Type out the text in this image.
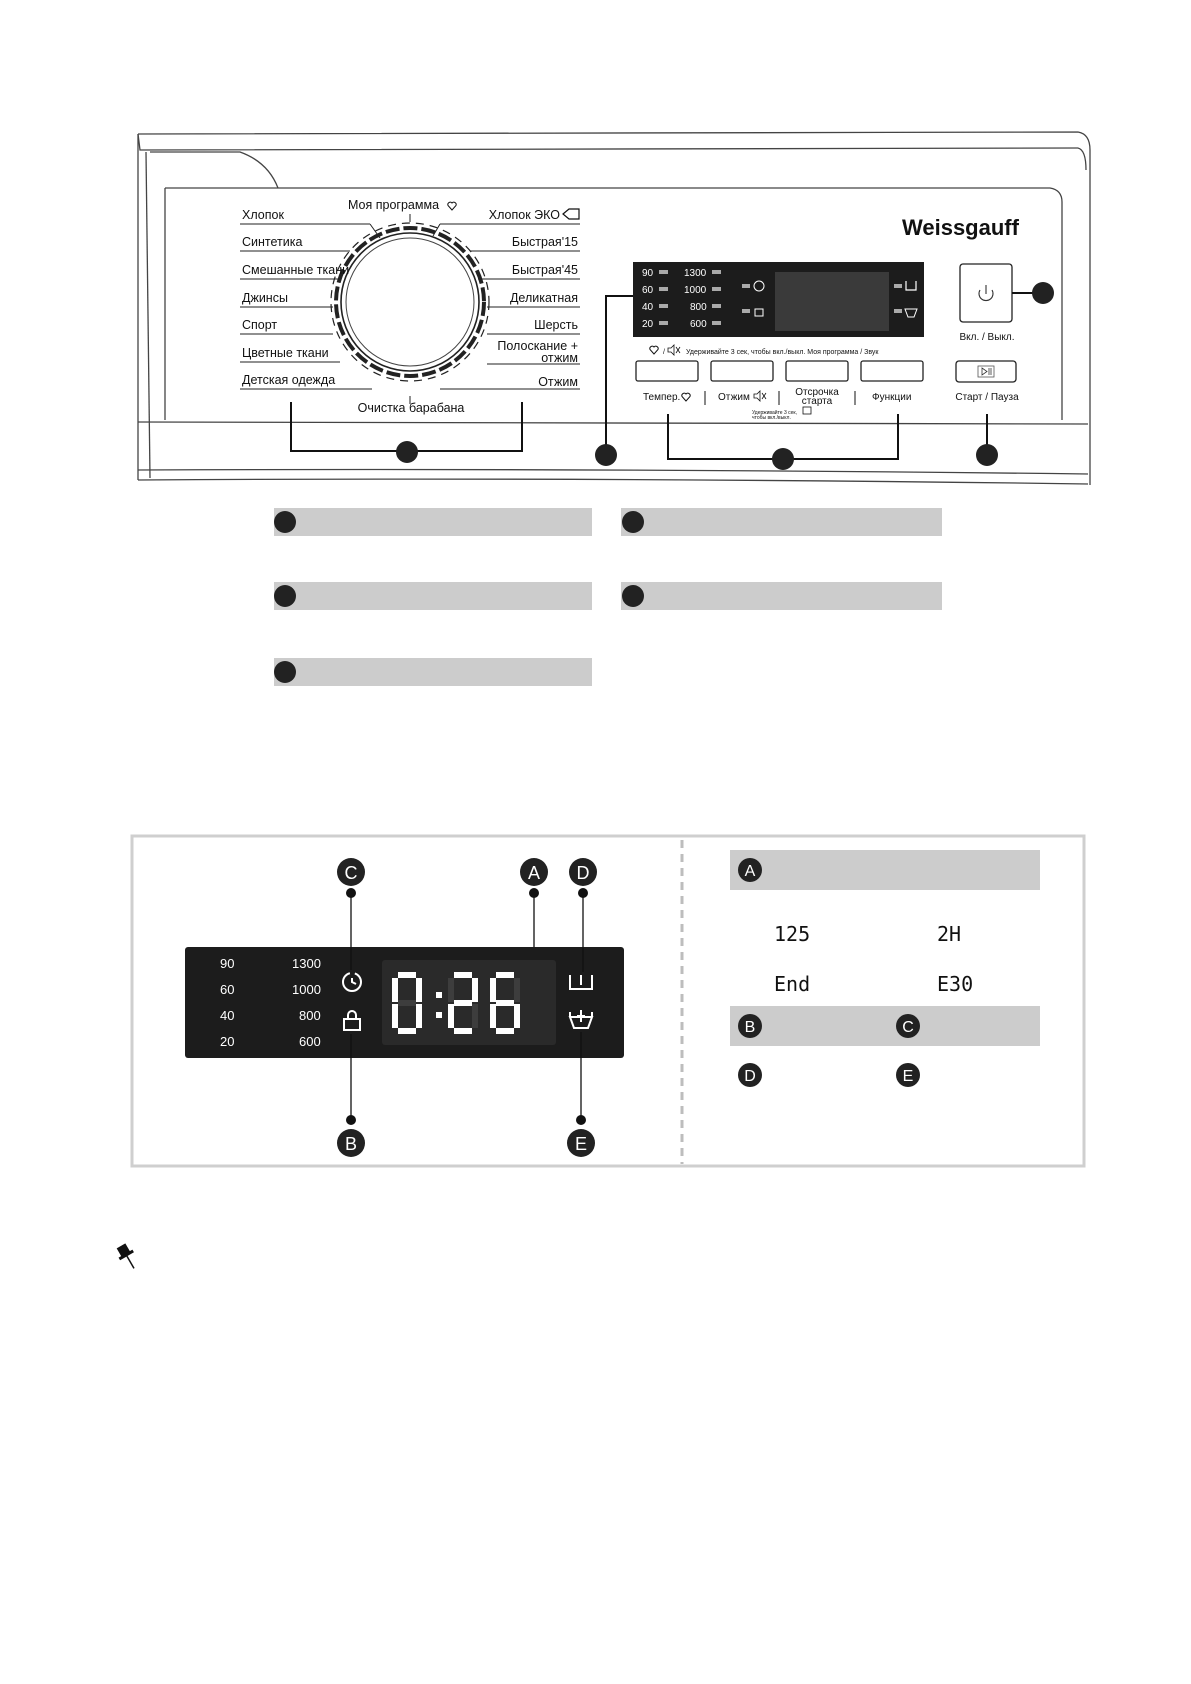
Хлопок
Синтетика
Смешанные ткани
Джинсы
Спорт
Цветные ткани
Детская одежда
Моя программа
Хлопок ЭКО
Быстрая'15
Быстрая'45
Деликатная
Шерсть
Полоскание +
отжим
Отжим
Очистка барабана
Weissgauff
90
60
40
20
1300
1000
800
600
/	Удерживайте 3 сек, чтобы вкл./выкл. Моя программа / Звук
Темпер.	Отжим	Отсрочка
старта
Удерживайте 3 сек,
чтобы вкл./выкл.
Функции
Вкл. / Выкл.
Старт / Пауза
90
60
40
20
1300
1000
800
600
C	A D
B	E
A
125	2H
End	E30
B	C
D	E
